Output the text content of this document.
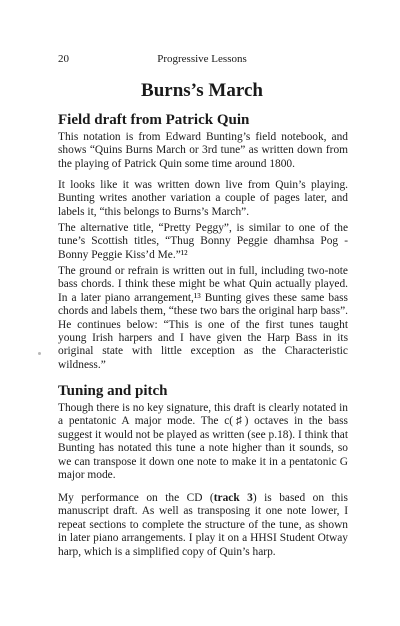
20	Progressive Lessons
Burns’s March
Field draft from Patrick Quin

This notation is from Edward Bunting’s field notebook, and shows “Quins Burns March or 3rd tune” as written down from the playing of Patrick Quin some time around 1800.

It looks like it was written down live from Quin’s playing. Bunting writes another variation a couple of pages later, and labels it, “this belongs to Burns’s March”.

The alternative title, “Pretty Peggy”, is similar to one of the tune’s Scottish titles, “Thug Bonny Peggie dhamhsa Pog - Bonny Peggie Kiss’d Me.”¹²

The ground or refrain is written out in full, including two-note bass chords. I think these might be what Quin actually played. In a later piano arrangement,¹³ Bunting gives these same bass chords and labels them, “these two bars the original harp bass”. He continues below: “This is one of the first tunes taught young Irish harpers and I have given the Harp Bass in its original state with little exception as the Characteristic wildness.”

Tuning and pitch

Though there is no key signature, this draft is clearly notated in a pentatonic A major mode. The c(♯) octaves in the bass suggest it would not be played as written (see p.18). I think that Bunting has notated this tune a note higher than it sounds, so we can transpose it down one note to make it in a pentatonic G major mode.

My performance on the CD (track 3) is based on this manuscript draft. As well as transposing it one note lower, I repeat sections to complete the structure of the tune, as shown in later piano arrangements. I play it on a HHSI Student Otway harp, which is a simplified copy of Quin’s harp.
